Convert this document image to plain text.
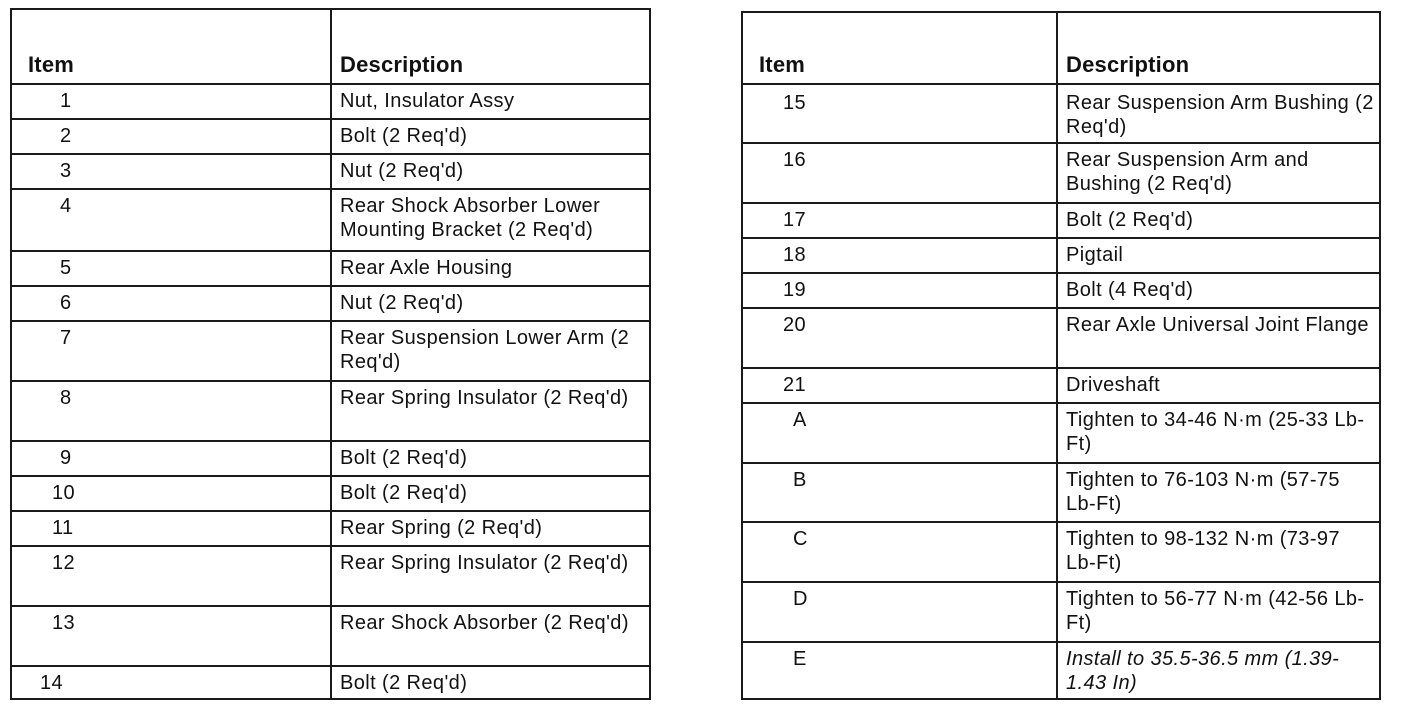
Item	Description
1	Nut, Insulator Assy
2	Bolt (2 Req'd)
3	Nut (2 Req'd)
4	Rear Shock Absorber Lower Mounting Bracket (2 Req'd)
5	Rear Axle Housing
6	Nut (2 Req'd)
7	Rear Suspension Lower Arm (2 Req'd)
8	Rear Spring Insulator (2 Req'd)
9	Bolt (2 Req'd)
10	Bolt (2 Req'd)
11	Rear Spring (2 Req'd)
12	Rear Spring Insulator (2 Req'd)
13	Rear Shock Absorber (2 Req'd)
14	Bolt (2 Req'd)
Item	Description
15	Rear Suspension Arm Bushing (2 Req'd)
16	Rear Suspension Arm and Bushing (2 Req'd)
17	Bolt (2 Req'd)
18	Pigtail
19	Bolt (4 Req'd)
20	Rear Axle Universal Joint Flange
21	Driveshaft
A	Tighten to 34-46 N·m (25-33 Lb-Ft)
B	Tighten to 76-103 N·m (57-75 Lb-Ft)
C	Tighten to 98-132 N·m (73-97 Lb-Ft)
D	Tighten to 56-77 N·m (42-56 Lb-Ft)
E	Install to 35.5-36.5 mm (1.39-1.43 In)
